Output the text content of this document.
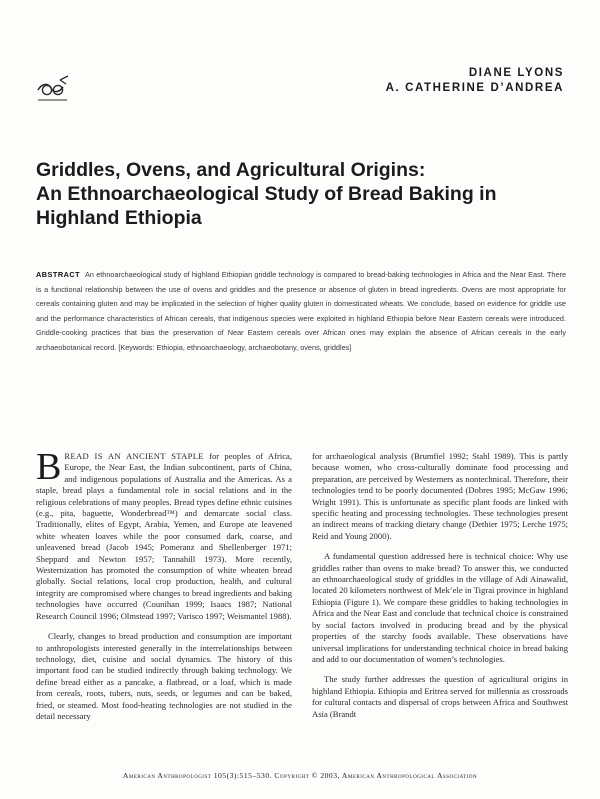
DIANE LYONS
A. CATHERINE D’ANDREA
Griddles, Ovens, and Agricultural Origins:
An Ethnoarchaeological Study of Bread Baking in
Highland Ethiopia

ABSTRACT An ethnoarchaeological study of highland Ethiopian griddle technology is compared to bread-baking technologies in Africa and the Near East. There is a functional relationship between the use of ovens and griddles and the presence or absence of gluten in bread ingredients. Ovens are most appropriate for cereals containing gluten and may be implicated in the selection of higher quality gluten in domesticated wheats. We conclude, based on evidence for griddle use and the performance characteristics of African cereals, that indigenous species were exploited in highland Ethiopia before Near Eastern cereals were introduced. Griddle-cooking practices that bias the preservation of Near Eastern cereals over African ones may explain the absence of African cereals in the early archaeobotanical record. [Keywords: Ethiopia, ethnoarchaeology, archaeobotany, ovens, griddles]

BREAD IS AN ANCIENT STAPLE for peoples of Africa, Europe, the Near East, the Indian subcontinent, parts of China, and indigenous populations of Australia and the Americas. As a staple, bread plays a fundamental role in social relations and in the religious celebrations of many peoples. Bread types define ethnic cuisines (e.g., pita, baguette, Wonderbread™) and demarcate social class. Traditionally, elites of Egypt, Arabia, Yemen, and Europe ate leavened white wheaten loaves while the poor consumed dark, coarse, and unleavened bread (Jacob 1945; Pomeranz and Shellenberger 1971; Sheppard and Newton 1957; Tannahill 1973). More recently, Westernization has promoted the consumption of white wheaten bread globally. Social relations, local crop production, health, and cultural integrity are compromised where changes to bread ingredients and baking technologies have occurred (Counihan 1999; Isaacs 1987; National Research Council 1996; Olmstead 1997; Varisco 1997; Weismantel 1988).

Clearly, changes to bread production and consumption are important to anthropologists interested generally in the interrelationships between technology, diet, cuisine and social dynamics. The history of this important food can be studied indirectly through baking technology. We define bread either as a pancake, a flatbread, or a loaf, which is made from cereals, roots, tubers, nuts, seeds, or legumes and can be baked, fried, or steamed. Most food-heating technologies are not studied in the detail necessary

for archaeological analysis (Brumfiel 1992; Stahl 1989). This is partly because women, who cross-culturally dominate food processing and preparation, are perceived by Westerners as nontechnical. Therefore, their technologies tend to be poorly documented (Dobres 1995; McGaw 1996; Wright 1991). This is unfortunate as specific plant foods are linked with specific heating and processing technologies. These technologies present an indirect means of tracking dietary change (Dethier 1975; Lerche 1975; Reid and Young 2000).

A fundamental question addressed here is technical choice: Why use griddles rather than ovens to make bread? To answer this, we conducted an ethnoarchaeological study of griddles in the village of Adi Ainawalid, located 20 kilometers northwest of Mek’ele in Tigrai province in highland Ethiopia (Figure 1). We compare these griddles to baking technologies in Africa and the Near East and conclude that technical choice is constrained by social factors involved in producing bread and by the physical properties of the starchy foods available. These observations have universal implications for understanding technical choice in bread baking and add to our documentation of women’s technologies.

The study further addresses the question of agricultural origins in highland Ethiopia. Ethiopia and Eritrea served for millennia as crossroads for cultural contacts and dispersal of crops between Africa and Southwest Asia (Brandt

American Anthropologist 105(3):515–530. Copyright © 2003, American Anthropological Association
